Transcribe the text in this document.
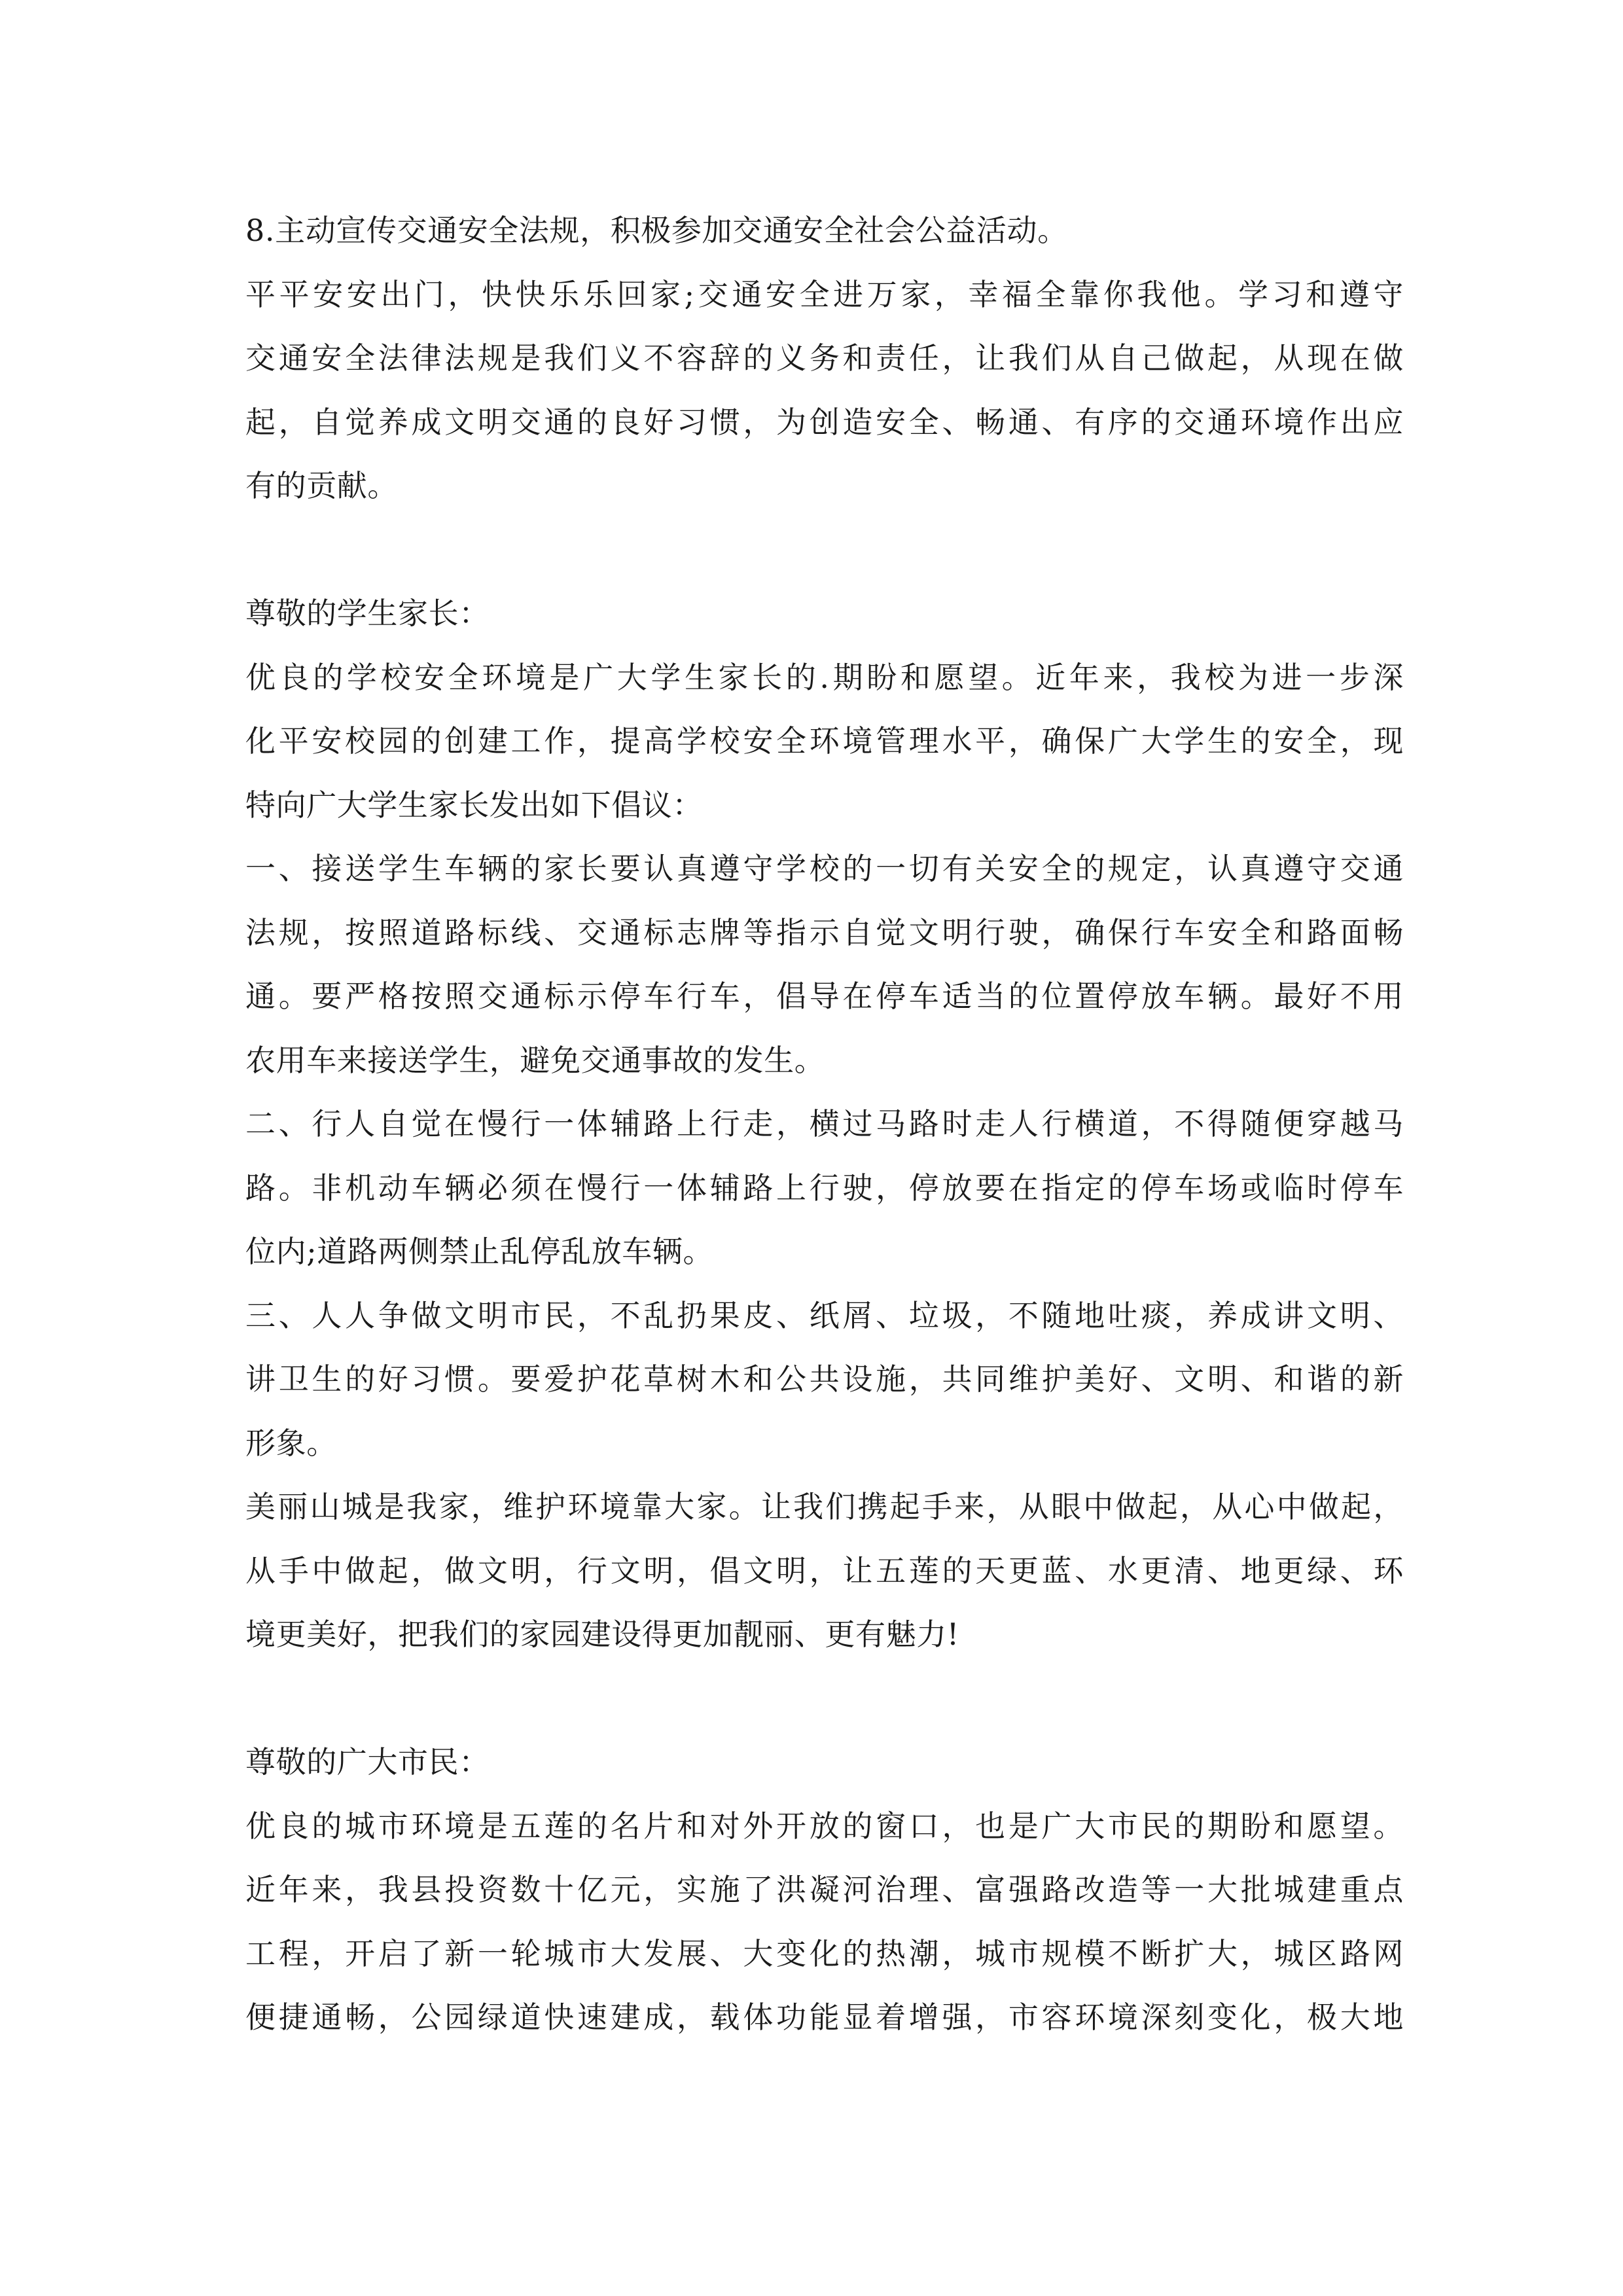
8.主动宣传交通安全法规，积极参加交通安全社会公益活动。
平平安安出门，快快乐乐回家;交通安全进万家，幸福全靠你我他。学习和遵守
交通安全法律法规是我们义不容辞的义务和责任，让我们从自己做起，从现在做
起，自觉养成文明交通的良好习惯，为创造安全、畅通、有序的交通环境作出应
有的贡献。
尊敬的学生家长：
优良的学校安全环境是广大学生家长的.期盼和愿望。近年来，我校为进一步深
化平安校园的创建工作，提高学校安全环境管理水平，确保广大学生的安全，现
特向广大学生家长发出如下倡议：
一、接送学生车辆的家长要认真遵守学校的一切有关安全的规定，认真遵守交通
法规，按照道路标线、交通标志牌等指示自觉文明行驶，确保行车安全和路面畅
通。要严格按照交通标示停车行车，倡导在停车适当的位置停放车辆。最好不用
农用车来接送学生，避免交通事故的发生。
二、行人自觉在慢行一体辅路上行走，横过马路时走人行横道，不得随便穿越马
路。非机动车辆必须在慢行一体辅路上行驶，停放要在指定的停车场或临时停车
位内;道路两侧禁止乱停乱放车辆。
三、人人争做文明市民，不乱扔果皮、纸屑、垃圾，不随地吐痰，养成讲文明、
讲卫生的好习惯。要爱护花草树木和公共设施，共同维护美好、文明、和谐的新
形象。
美丽山城是我家，维护环境靠大家。让我们携起手来，从眼中做起，从心中做起，
从手中做起，做文明，行文明，倡文明，让五莲的天更蓝、水更清、地更绿、环
境更美好，把我们的家园建设得更加靓丽、更有魅力!
尊敬的广大市民：
优良的城市环境是五莲的名片和对外开放的窗口，也是广大市民的期盼和愿望。
近年来，我县投资数十亿元，实施了洪凝河治理、富强路改造等一大批城建重点
工程，开启了新一轮城市大发展、大变化的热潮，城市规模不断扩大，城区路网
便捷通畅，公园绿道快速建成，载体功能显着增强，市容环境深刻变化，极大地
